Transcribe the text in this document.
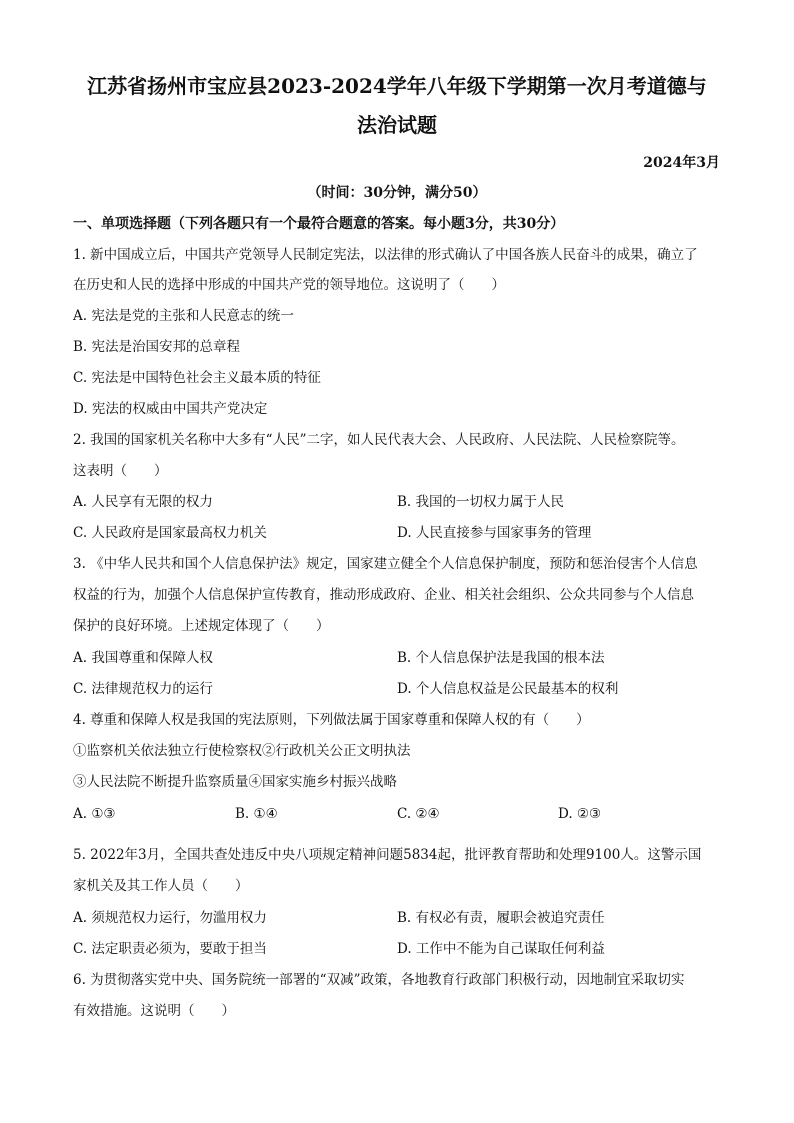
江苏省扬州市宝应县2023-2024学年八年级下学期第一次月考道德与
法治试题
2024年3月
（时间：30分钟，满分50）
一、单项选择题（下列各题只有一个最符合题意的答案。每小题3分，共30分）
1. 新中国成立后，中国共产党领导人民制定宪法，以法律的形式确认了中国各族人民奋斗的成果，确立了
在历史和人民的选择中形成的中国共产党的领导地位。这说明了（　　）
A. 宪法是党的主张和人民意志的统一
B. 宪法是治国安邦的总章程
C. 宪法是中国特色社会主义最本质的特征
D. 宪法的权威由中国共产党决定
2. 我国的国家机关名称中大多有“人民”二字，如人民代表大会、人民政府、人民法院、人民检察院等。
这表明（　　）
A. 人民享有无限的权力	B. 我国的一切权力属于人民
C. 人民政府是国家最高权力机关	D. 人民直接参与国家事务的管理
3. 《中华人民共和国个人信息保护法》规定，国家建立健全个人信息保护制度，预防和惩治侵害个人信息
权益的行为，加强个人信息保护宣传教育，推动形成政府、企业、相关社会组织、公众共同参与个人信息
保护的良好环境。上述规定体现了（　　）
A. 我国尊重和保障人权	B. 个人信息保护法是我国的根本法
C. 法律规范权力的运行	D. 个人信息权益是公民最基本的权利
4. 尊重和保障人权是我国的宪法原则，下列做法属于国家尊重和保障人权的有（　　）
①监察机关依法独立行使检察权②行政机关公正文明执法
③人民法院不断提升监察质量④国家实施乡村振兴战略
A. ①③	B. ①④	C. ②④	D. ②③
5. 2022年3月，全国共查处违反中央八项规定精神问题5834起，批评教育帮助和处理9100人。这警示国
家机关及其工作人员（　　）
A. 须规范权力运行，勿滥用权力	B. 有权必有责，履职会被追究责任
C. 法定职责必须为，要敢于担当	D. 工作中不能为自己谋取任何利益
6. 为贯彻落实党中央、国务院统一部署的“双减”政策，各地教育行政部门积极行动，因地制宜采取切实
有效措施。这说明（　　）
